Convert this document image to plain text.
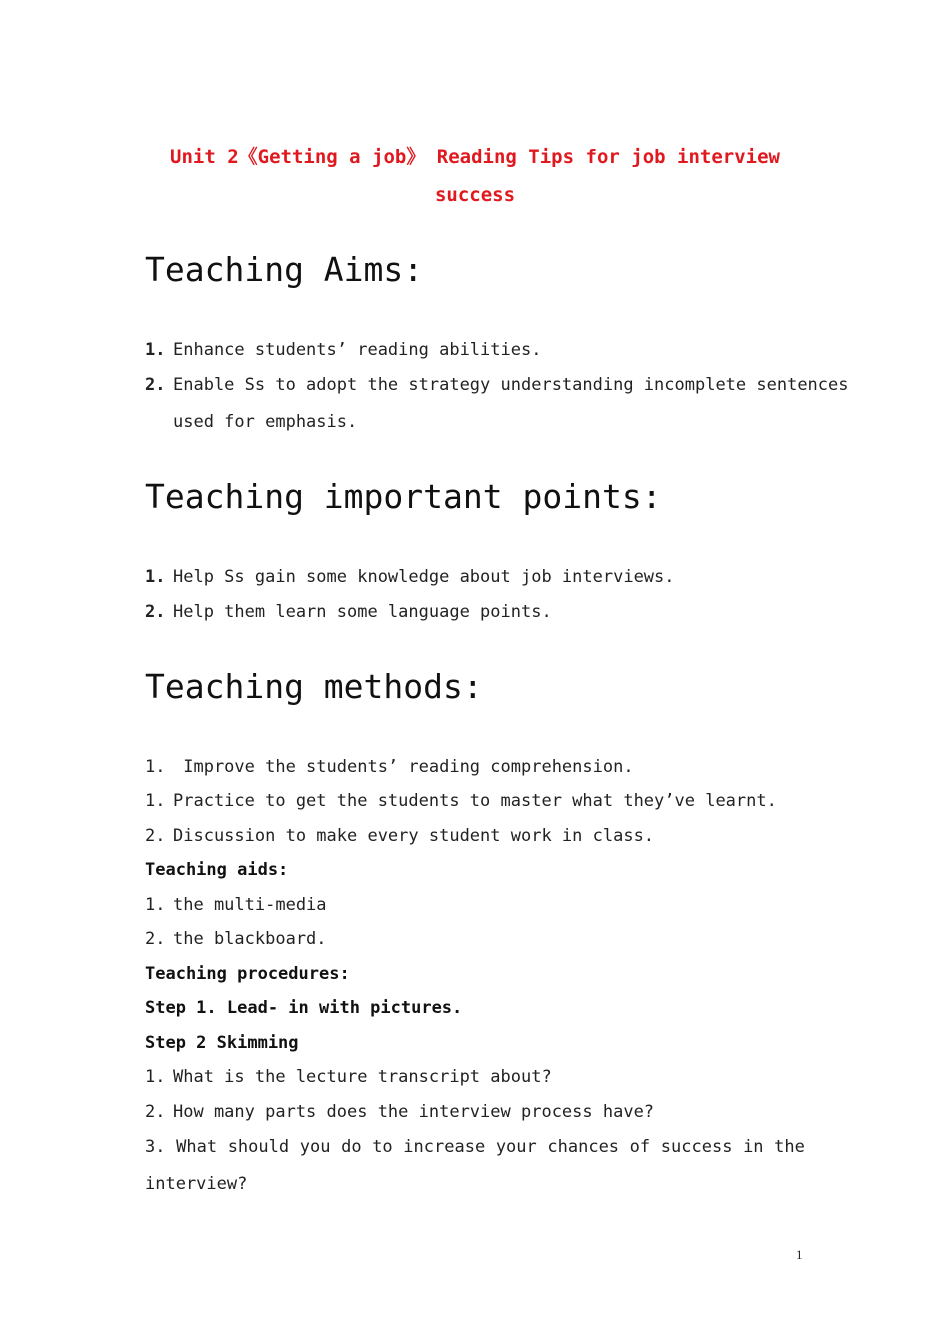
Unit 2《Getting a job》 Reading Tips for job interview
success

Teaching Aims:

1. Enhance students’ reading abilities.

2. Enable Ss to adopt the strategy understanding incomplete sentences

used for emphasis.

Teaching important points:

1. Help Ss gain some knowledge about job interviews.

2. Help them learn some language points.

Teaching methods:

1. Improve the students’ reading comprehension.

1. Practice to get the students to master what they’ve learnt.

2. Discussion to make every student work in class.

Teaching aids:

1. the multi-media

2. the blackboard.

Teaching procedures:

Step 1. Lead- in with pictures.

Step 2 Skimming

1. What is the lecture transcript about?

2. How many parts does the interview process have?

3. What should you do to increase your chances of success in the

interview?

1
